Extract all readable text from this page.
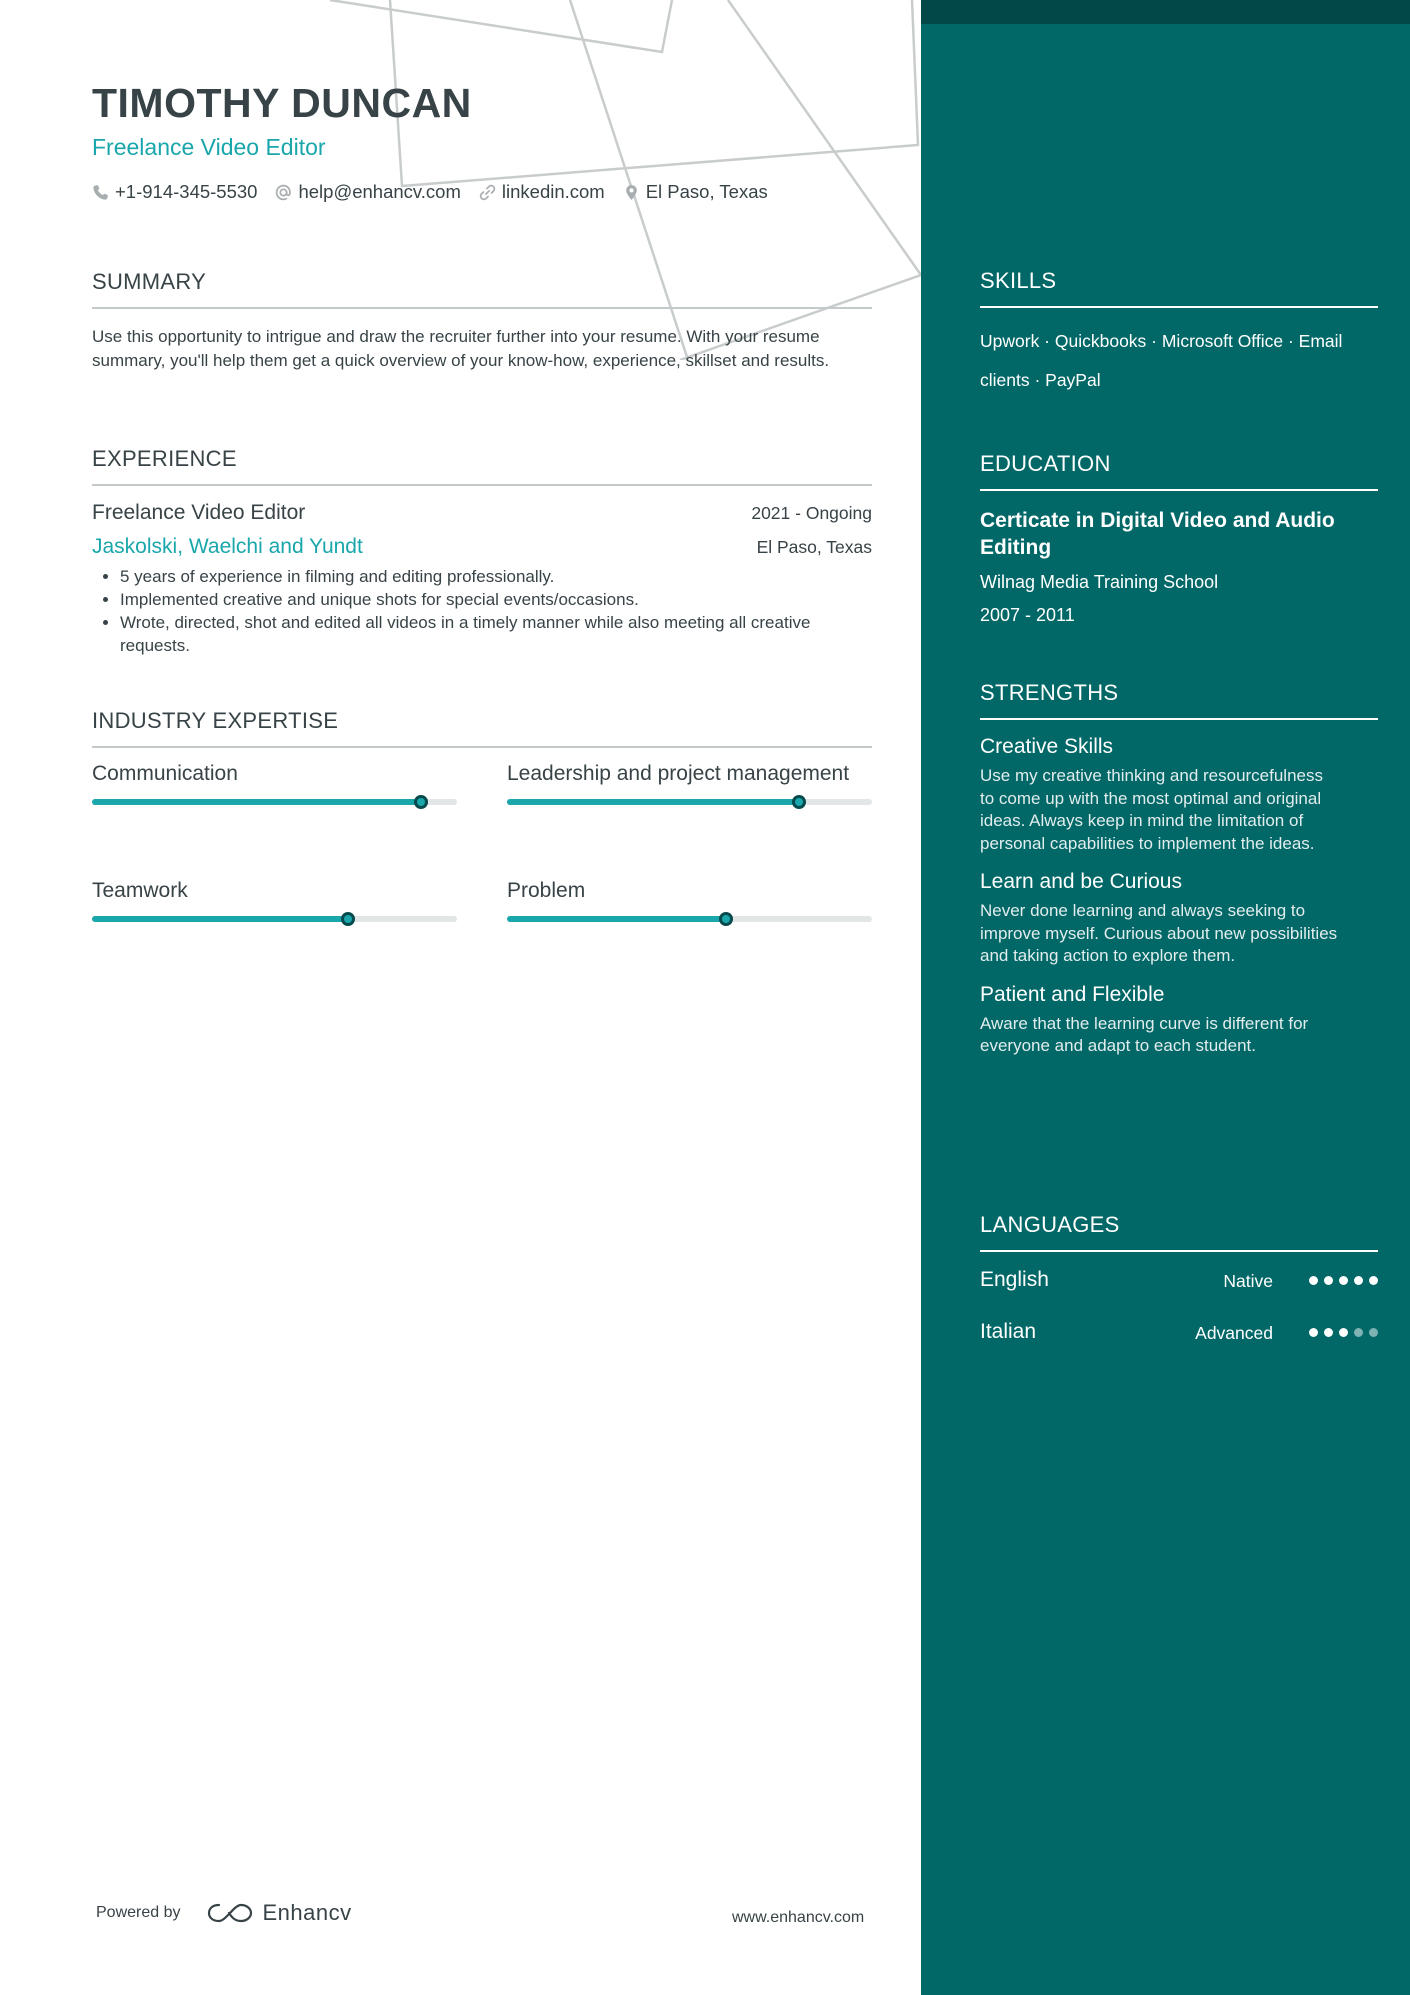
TIMOTHY DUNCAN
Freelance Video Editor
+1-914-345-5530 help@enhancv.com linkedin.com El Paso, Texas
SUMMARY
Use this opportunity to intrigue and draw the recruiter further into your resume. With your resume summary, you'll help them get a quick overview of your know-how, experience, skillset and results.
EXPERIENCE
Freelance Video Editor	2021 - Ongoing
Jaskolski, Waelchi and Yundt	El Paso, Texas
• 5 years of experience in filming and editing professionally.
• Implemented creative and unique shots for special events/occasions.
• Wrote, directed, shot and edited all videos in a timely manner while also meeting all creative requests.
INDUSTRY EXPERTISE
Communication	Leadership and project management
Teamwork	Problem
Powered by	Enhancv	www.enhancv.com
SKILLS
Upwork · Quickbooks · Microsoft Office · Email clients · PayPal
EDUCATION
Certicate in Digital Video and Audio Editing
Wilnag Media Training School
2007 - 2011
STRENGTHS
Creative Skills
Use my creative thinking and resourcefulness to come up with the most optimal and original ideas. Always keep in mind the limitation of personal capabilities to implement the ideas.
Learn and be Curious
Never done learning and always seeking to improve myself. Curious about new possibilities and taking action to explore them.
Patient and Flexible
Aware that the learning curve is different for everyone and adapt to each student.
LANGUAGES
English	Native
Italian	Advanced
